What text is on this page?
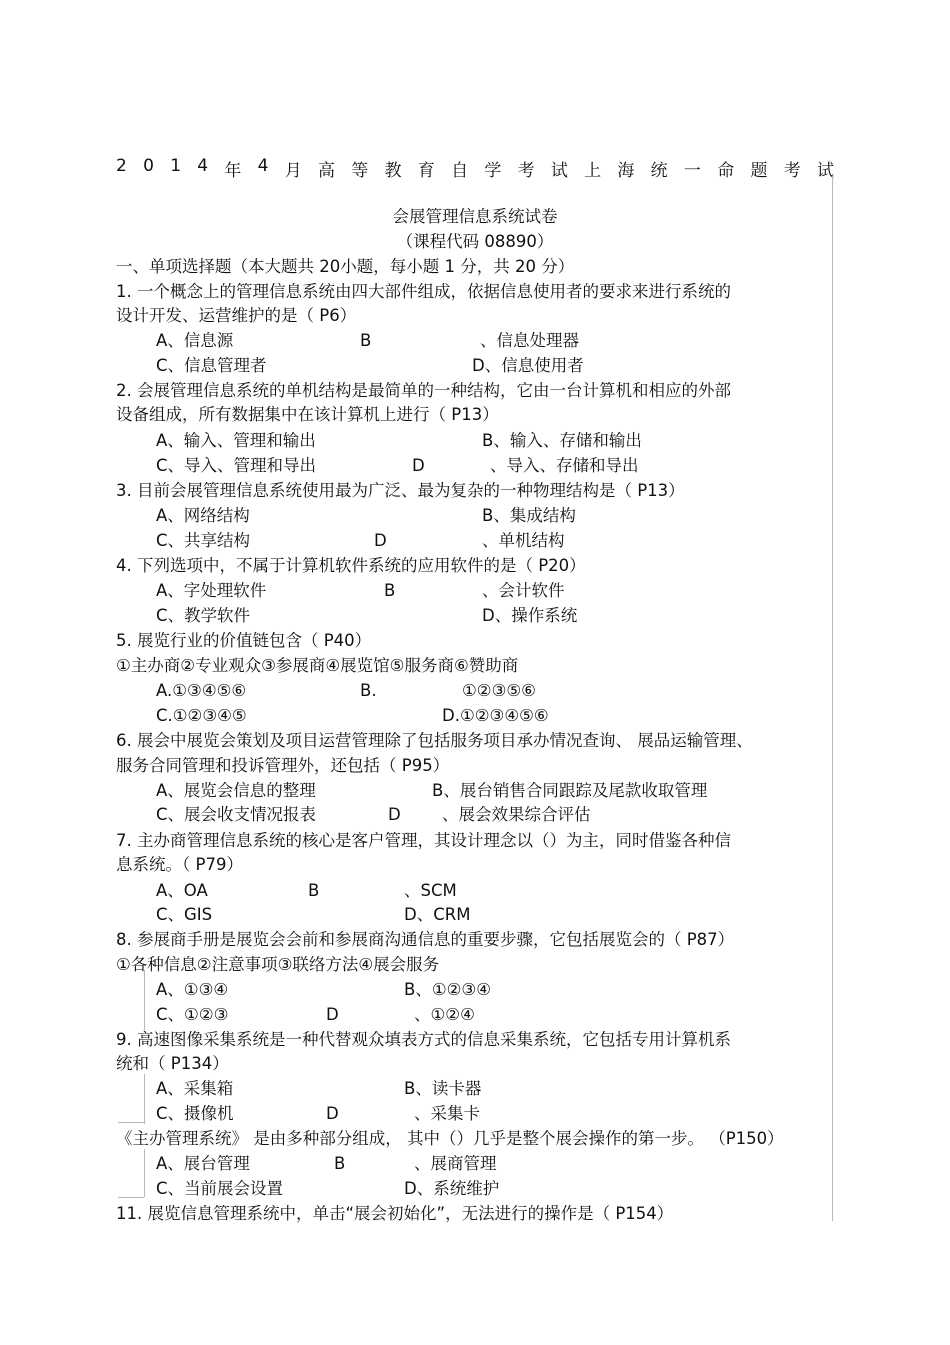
2 0 1 4 年 4 月 高 等 教 育 自 学 考 试 上 海 统 一 命 题 考 试
会展管理信息系统试卷
（课程代码 08890）
一、单项选择题（本大题共 20小题，每小题 1 分，共 20 分）
1. 一个概念上的管理信息系统由四大部件组成，依据信息使用者的要求来进行系统的
设计开发、运营维护的是（ P6）
A、信息源	B	、信息处理器
C、信息管理者	D、信息使用者
2. 会展管理信息系统的单机结构是最简单的一种结构，它由一台计算机和相应的外部
设备组成，所有数据集中在该计算机上进行（ P13）
A、输入、管理和输出	B、输入、存储和输出
C、导入、管理和导出	D	、导入、存储和导出
3. 目前会展管理信息系统使用最为广泛、最为复杂的一种物理结构是（ P13）
A、网络结构	B、集成结构
C、共享结构	D	、单机结构
4. 下列选项中，不属于计算机软件系统的应用软件的是（ P20）
A、字处理软件	B	、会计软件
C、教学软件	D、操作系统
5. 展览行业的价值链包含（ P40）
①主办商②专业观众③参展商④展览馆⑤服务商⑥赞助商
A.①③④⑤⑥	B.	①②③⑤⑥
C.①②③④⑤	D.①②③④⑤⑥
6. 展会中展览会策划及项目运营管理除了包括服务项目承办情况查询、 展品运输管理、
服务合同管理和投诉管理外，还包括（ P95）
A、展览会信息的整理	B、展台销售合同跟踪及尾款收取管理
C、展会收支情况报表	D	、展会效果综合评估
7. 主办商管理信息系统的核心是客户管理，其设计理念以（）为主，同时借鉴各种信
息系统。（ P79）
A、OA	B	、SCM
C、GIS	D、CRM
8. 参展商手册是展览会会前和参展商沟通信息的重要步骤，它包括展览会的（ P87）
①各种信息②注意事项③联络方法④展会服务
A、①③④	B、①②③④
C、①②③	D	、①②④
9. 高速图像采集系统是一种代替观众填表方式的信息采集系统，它包括专用计算机系
统和（ P134）
A、采集箱	B、读卡器
C、摄像机	D	、采集卡
《主办管理系统》 是由多种部分组成， 其中（）几乎是整个展会操作的第一步。 （P150）
A、展台管理	B	、展商管理
C、当前展会设置	D、系统维护
11. 展览信息管理系统中，单击“展会初始化”，无法进行的操作是（ P154）
